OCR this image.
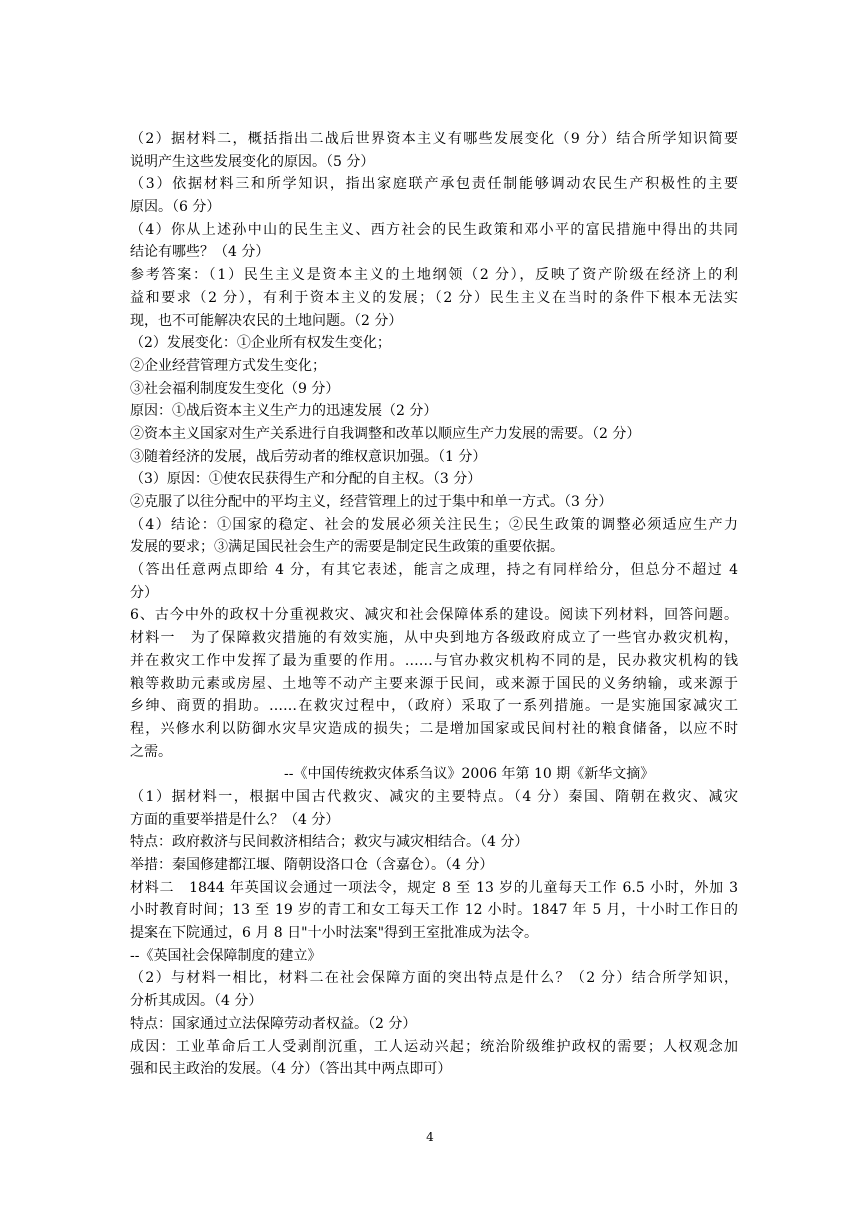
（2）据材料二，概括指出二战后世界资本主义有哪些发展变化（9 分）结合所学知识简要
说明产生这些发展变化的原因。（5 分）
（3）依据材料三和所学知识，指出家庭联产承包责任制能够调动农民生产积极性的主要
原因。（6 分）
（4）你从上述孙中山的民生主义、西方社会的民生政策和邓小平的富民措施中得出的共同
结论有哪些？（4 分）
参考答案：（1）民生主义是资本主义的土地纲领（2 分），反映了资产阶级在经济上的利
益和要求（2 分），有利于资本主义的发展；（2 分）民生主义在当时的条件下根本无法实
现，也不可能解决农民的土地问题。（2 分）
（2）发展变化：①企业所有权发生变化；
②企业经营管理方式发生变化；
③社会福利制度发生变化（9 分）
原因：①战后资本主义生产力的迅速发展（2 分）
②资本主义国家对生产关系进行自我调整和改革以顺应生产力发展的需要。（2 分）
③随着经济的发展，战后劳动者的维权意识加强。（1 分）
（3）原因：①使农民获得生产和分配的自主权。（3 分）
②克服了以往分配中的平均主义，经营管理上的过于集中和单一方式。（3 分）
（4）结论：①国家的稳定、社会的发展必须关注民生；②民生政策的调整必须适应生产力
发展的要求；③满足国民社会生产的需要是制定民生政策的重要依据。
（答出任意两点即给 4 分，有其它表述，能言之成理，持之有同样给分，但总分不超过 4
分）
6、古今中外的政权十分重视救灾、减灾和社会保障体系的建设。阅读下列材料，回答问题。
材料一　为了保障救灾措施的有效实施，从中央到地方各级政府成立了一些官办救灾机构，
并在救灾工作中发挥了最为重要的作用。……与官办救灾机构不同的是，民办救灾机构的钱
粮等救助元素或房屋、土地等不动产主要来源于民间，或来源于国民的义务纳输，或来源于
乡绅、商贾的捐助。……在救灾过程中，（政府）采取了一系列措施。一是实施国家减灾工
程，兴修水利以防御水灾旱灾造成的损失；二是增加国家或民间村社的粮食储备，以应不时
之需。
--《中国传统救灾体系刍议》2006 年第 10 期《新华文摘》
（1）据材料一，根据中国古代救灾、减灾的主要特点。（4 分）秦国、隋朝在救灾、减灾
方面的重要举措是什么？（4 分）
特点：政府救济与民间救济相结合；救灾与减灾相结合。（4 分）
举措：秦国修建都江堰、隋朝设洛口仓（含嘉仓）。（4 分）
材料二　1844 年英国议会通过一项法令，规定 8 至 13 岁的儿童每天工作 6.5 小时，外加 3
小时教育时间；13 至 19 岁的青工和女工每天工作 12 小时。1847 年 5 月，十小时工作日的
提案在下院通过，6 月 8 日"十小时法案"得到王室批准成为法令。
--《英国社会保障制度的建立》
（2）与材料一相比，材料二在社会保障方面的突出特点是什么？（2 分）结合所学知识，
分析其成因。（4 分）
特点：国家通过立法保障劳动者权益。（2 分）
成因：工业革命后工人受剥削沉重，工人运动兴起；统治阶级维护政权的需要；人权观念加
强和民主政治的发展。（4 分）（答出其中两点即可）
4
